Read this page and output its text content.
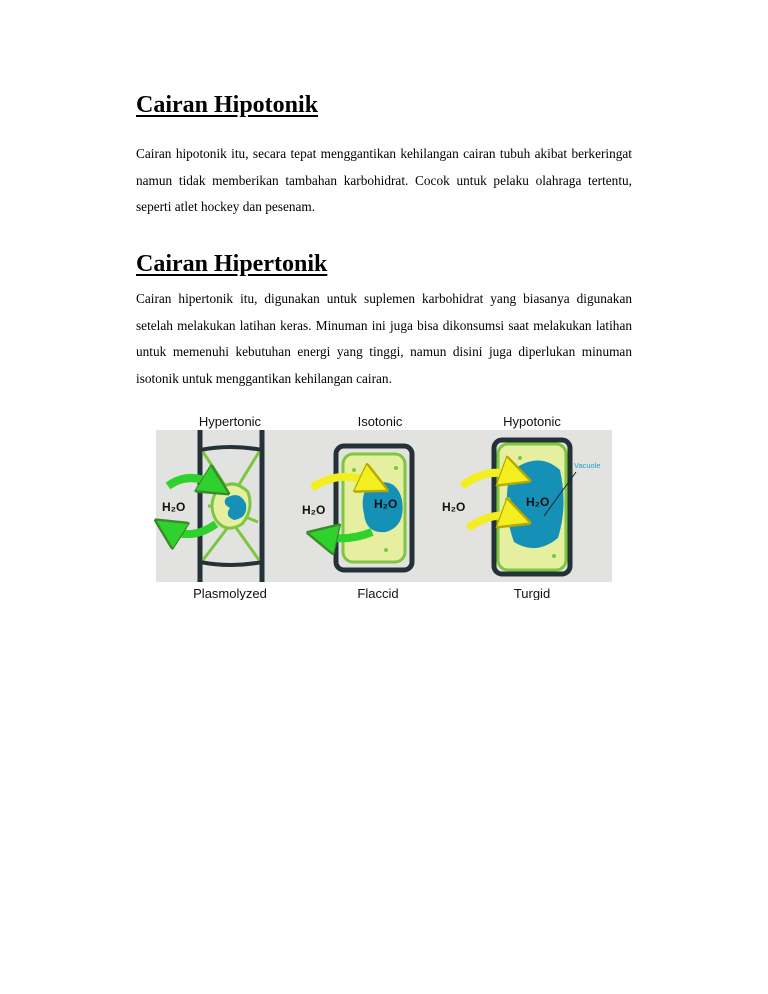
Cairan Hipotonik

Cairan hipotonik itu, secara tepat menggantikan kehilangan cairan tubuh akibat berkeringat namun tidak memberikan tambahan karbohidrat. Cocok untuk pelaku olahraga tertentu, seperti atlet hockey dan pesenam.

Cairan Hipertonik

Cairan hipertonik itu, digunakan untuk suplemen karbohidrat yang biasanya digunakan setelah melakukan latihan keras. Minuman ini juga bisa dikonsumsi saat melakukan latihan untuk memenuhi kebutuhan energi yang tinggi, namun disini juga diperlukan minuman isotonik untuk menggantikan kehilangan cairan.

Hypertonic	Isotonic	Hypotonic
H₂O	H₂O	H₂O	H₂O	H₂O
Vacuole
Plasmolyzed	Flaccid	Turgid
